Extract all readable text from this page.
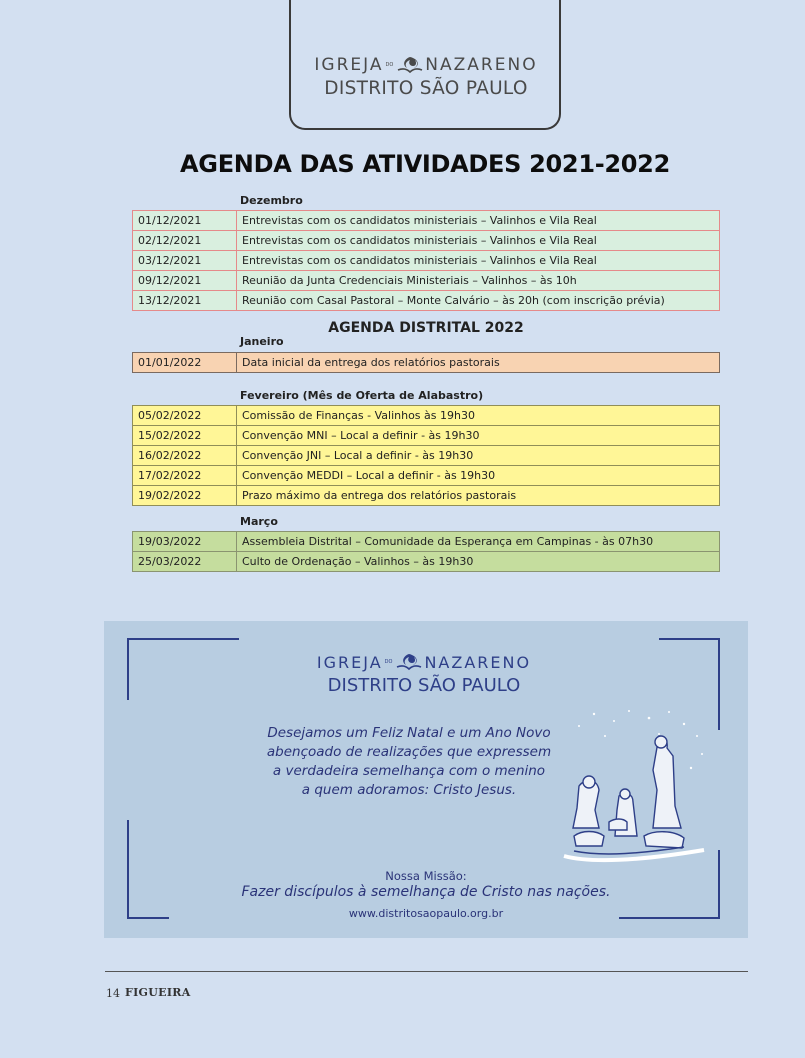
IGREJA DO NAZARENO
DISTRITO SÃO PAULO
AGENDA DAS ATIVIDADES 2021-2022
Dezembro
01/12/2021	Entrevistas com os candidatos ministeriais – Valinhos e Vila Real
02/12/2021	Entrevistas com os candidatos ministeriais – Valinhos e Vila Real
03/12/2021	Entrevistas com os candidatos ministeriais – Valinhos e Vila Real
09/12/2021	Reunião da Junta Credenciais Ministeriais – Valinhos – às 10h
13/12/2021	Reunião com Casal Pastoral – Monte Calvário – às 20h (com inscrição prévia)
AGENDA DISTRITAL 2022
Janeiro
01/01/2022	Data inicial da entrega dos relatórios pastorais
Fevereiro (Mês de Oferta de Alabastro)
05/02/2022	Comissão de Finanças - Valinhos às 19h30
15/02/2022	Convenção MNI – Local a definir - às 19h30
16/02/2022	Convenção JNI – Local a definir - às 19h30
17/02/2022	Convenção MEDDI – Local a definir - às 19h30
19/02/2022	Prazo máximo da entrega dos relatórios pastorais
Março
19/03/2022	Assembleia Distrital – Comunidade da Esperança em Campinas - às 07h30
25/03/2022	Culto de Ordenação – Valinhos – às 19h30
IGREJA DO NAZARENO
DISTRITO SÃO PAULO
Desejamos um Feliz Natal e um Ano Novo
abençoado de realizações que expressem
a verdadeira semelhança com o menino
a quem adoramos: Cristo Jesus.
Nossa Missão:
Fazer discípulos à semelhança de Cristo nas nações.
www.distritosaopaulo.org.br
14 FIGUEIRA
